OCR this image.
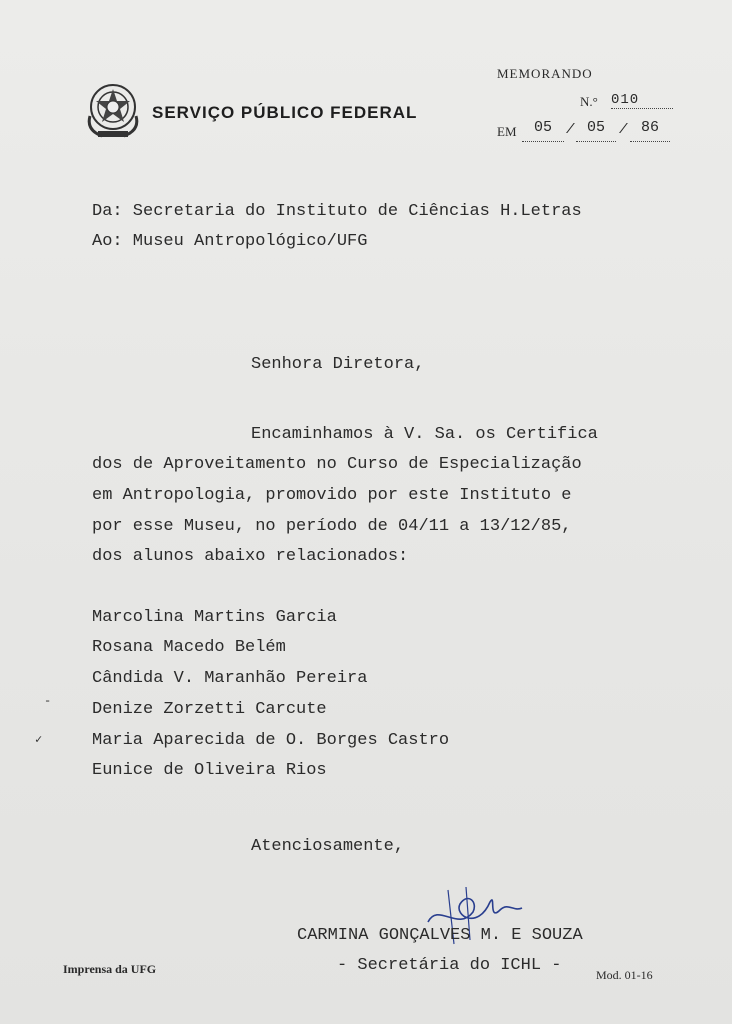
SERVIÇO PÚBLICO FEDERAL
MEMORANDO
N.° 010
EM	05	/ 05	/ 86
Da: Secretaria do Instituto de Ciências H.Letras
Ao: Museu Antropológico/UFG
Senhora Diretora,
Encaminhamos à V. Sa. os Certifica
dos de Aproveitamento no Curso de Especialização
em Antropologia, promovido por este Instituto e
por esse Museu, no período de 04/11 a 13/12/85,
dos alunos abaixo relacionados:
Marcolina Martins Garcia
Rosana Macedo Belém
Cândida V. Maranhão Pereira
Denize Zorzetti Carcute
Maria Aparecida de O. Borges Castro
Eunice de Oliveira Rios
-
✓
Atenciosamente,
CARMINA GONÇALVES M. E SOUZA
- Secretária do ICHL -
Imprensa da UFG	Mod. 01-16
